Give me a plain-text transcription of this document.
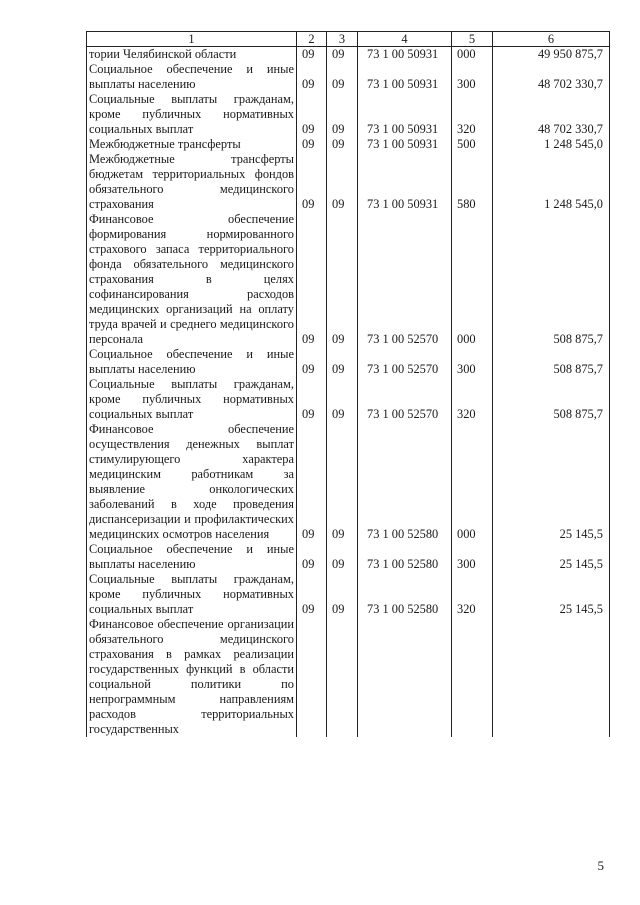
1	2	3	4	5	6
тории Челябинской области	09	09	73 1 00 50931	000	49 950 875,7
Социальное обеспечение и иные выплаты населению	09	09	73 1 00 50931	300	48 702 330,7
Социальные выплаты гражданам, кроме публичных нормативных социальных выплат	09	09	73 1 00 50931	320	48 702 330,7
Межбюджетные трансферты	09	09	73 1 00 50931	500	1 248 545,0
Межбюджетные трансферты бюджетам территориальных фондов обязательного медицинского страхования	09	09	73 1 00 50931	580	1 248 545,0
Финансовое обеспечение формирования нормированного страхового запаса территориального фонда обязательного медицинского страхования в целях софинансирования расходов медицинских организаций на оплату труда врачей и среднего медицинского персонала	09	09	73 1 00 52570	000	508 875,7
Социальное обеспечение и иные выплаты населению	09	09	73 1 00 52570	300	508 875,7
Социальные выплаты гражданам, кроме публичных нормативных социальных выплат	09	09	73 1 00 52570	320	508 875,7
Финансовое обеспечение осуществления денежных выплат стимулирующего характера медицинским работникам за выявление онкологических заболеваний в ходе проведения диспансеризации и профилактических медицинских осмотров населения	09	09	73 1 00 52580	000	25 145,5
Социальное обеспечение и иные выплаты населению	09	09	73 1 00 52580	300	25 145,5
Социальные выплаты гражданам, кроме публичных нормативных социальных выплат	09	09	73 1 00 52580	320	25 145,5
Финансовое обеспечение организации обязательного медицинского страхования в рамках реализации государственных функций в области социальной политики по непрограммным направлениям расходов территориальных государственных					
5
